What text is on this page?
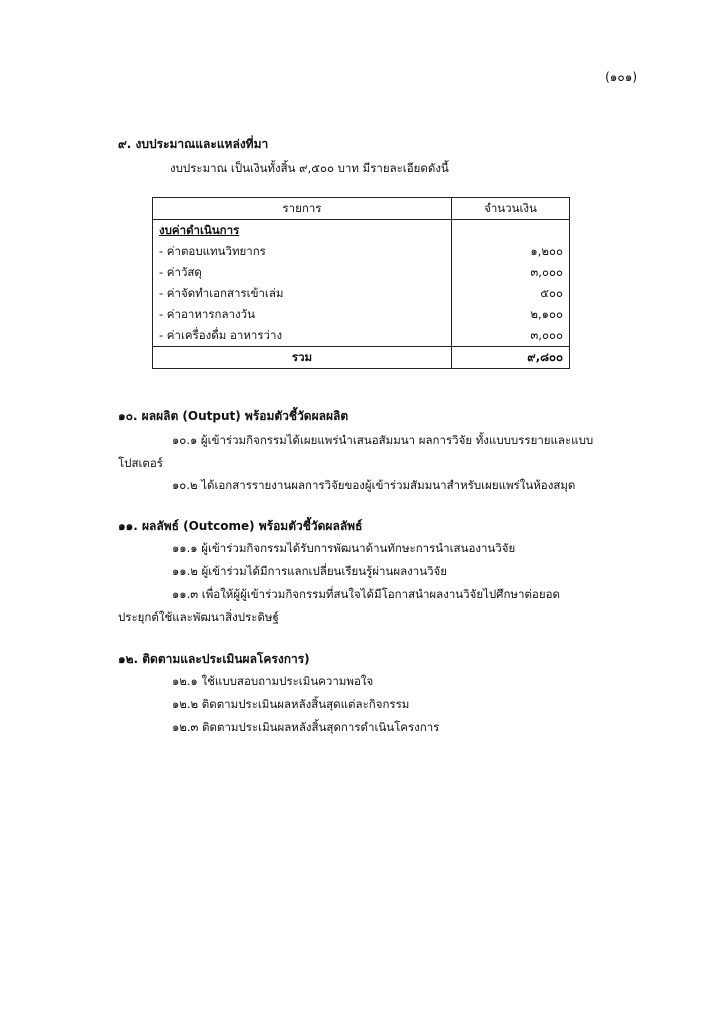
(๑๐๑)
๙. งบประมาณและแหล่งที่มา
งบประมาณ เป็นเงินทั้งสิ้น ๙,๕๐๐ บาท มีรายละเอียดดังนี้
รายการ	จำนวนเงิน
งบค่าดำเนินการ	
- ค่าตอบแทนวิทยากร	๑,๒๐๐
- ค่าวัสดุ	๓,๐๐๐
- ค่าจัดทำเอกสารเข้าเล่ม	๕๐๐
- ค่าอาหารกลางวัน	๒,๑๐๐
- ค่าเครื่องดื่ม อาหารว่าง	๓,๐๐๐
รวม	๙,๘๐๐
๑๐. ผลผลิต (Output) พร้อมตัวชี้วัดผลผลิต
๑๐.๑ ผู้เข้าร่วมกิจกรรมได้เผยแพร่นำเสนอสัมมนา ผลการวิจัย ทั้งแบบบรรยายและแบบ
โปสเตอร์
๑๐.๒ ได้เอกสารรายงานผลการวิจัยของผู้เข้าร่วมสัมมนาสำหรับเผยแพร่ในห้องสมุด
๑๑. ผลลัพธ์ (Outcome) พร้อมตัวชี้วัดผลลัพธ์
๑๑.๑ ผู้เข้าร่วมกิจกรรมได้รับการพัฒนาด้านทักษะการนำเสนองานวิจัย
๑๑.๒ ผู้เข้าร่วมได้มีการแลกเปลี่ยนเรียนรู้ผ่านผลงานวิจัย
๑๑.๓ เพื่อให้ผู้ผู้เข้าร่วมกิจกรรมที่สนใจได้มีโอกาสนำผลงานวิจัยไปศึกษาต่อยอด
ประยุกต์ใช้และพัฒนาสิ่งประดิษฐ์
๑๒. ติดตามและประเมินผลโครงการ)
๑๒.๑ ใช้แบบสอบถามประเมินความพอใจ
๑๒.๒ ติดตามประเมินผลหลังสิ้นสุดแต่ละกิจกรรม
๑๒.๓ ติดตามประเมินผลหลังสิ้นสุดการดำเนินโครงการ
